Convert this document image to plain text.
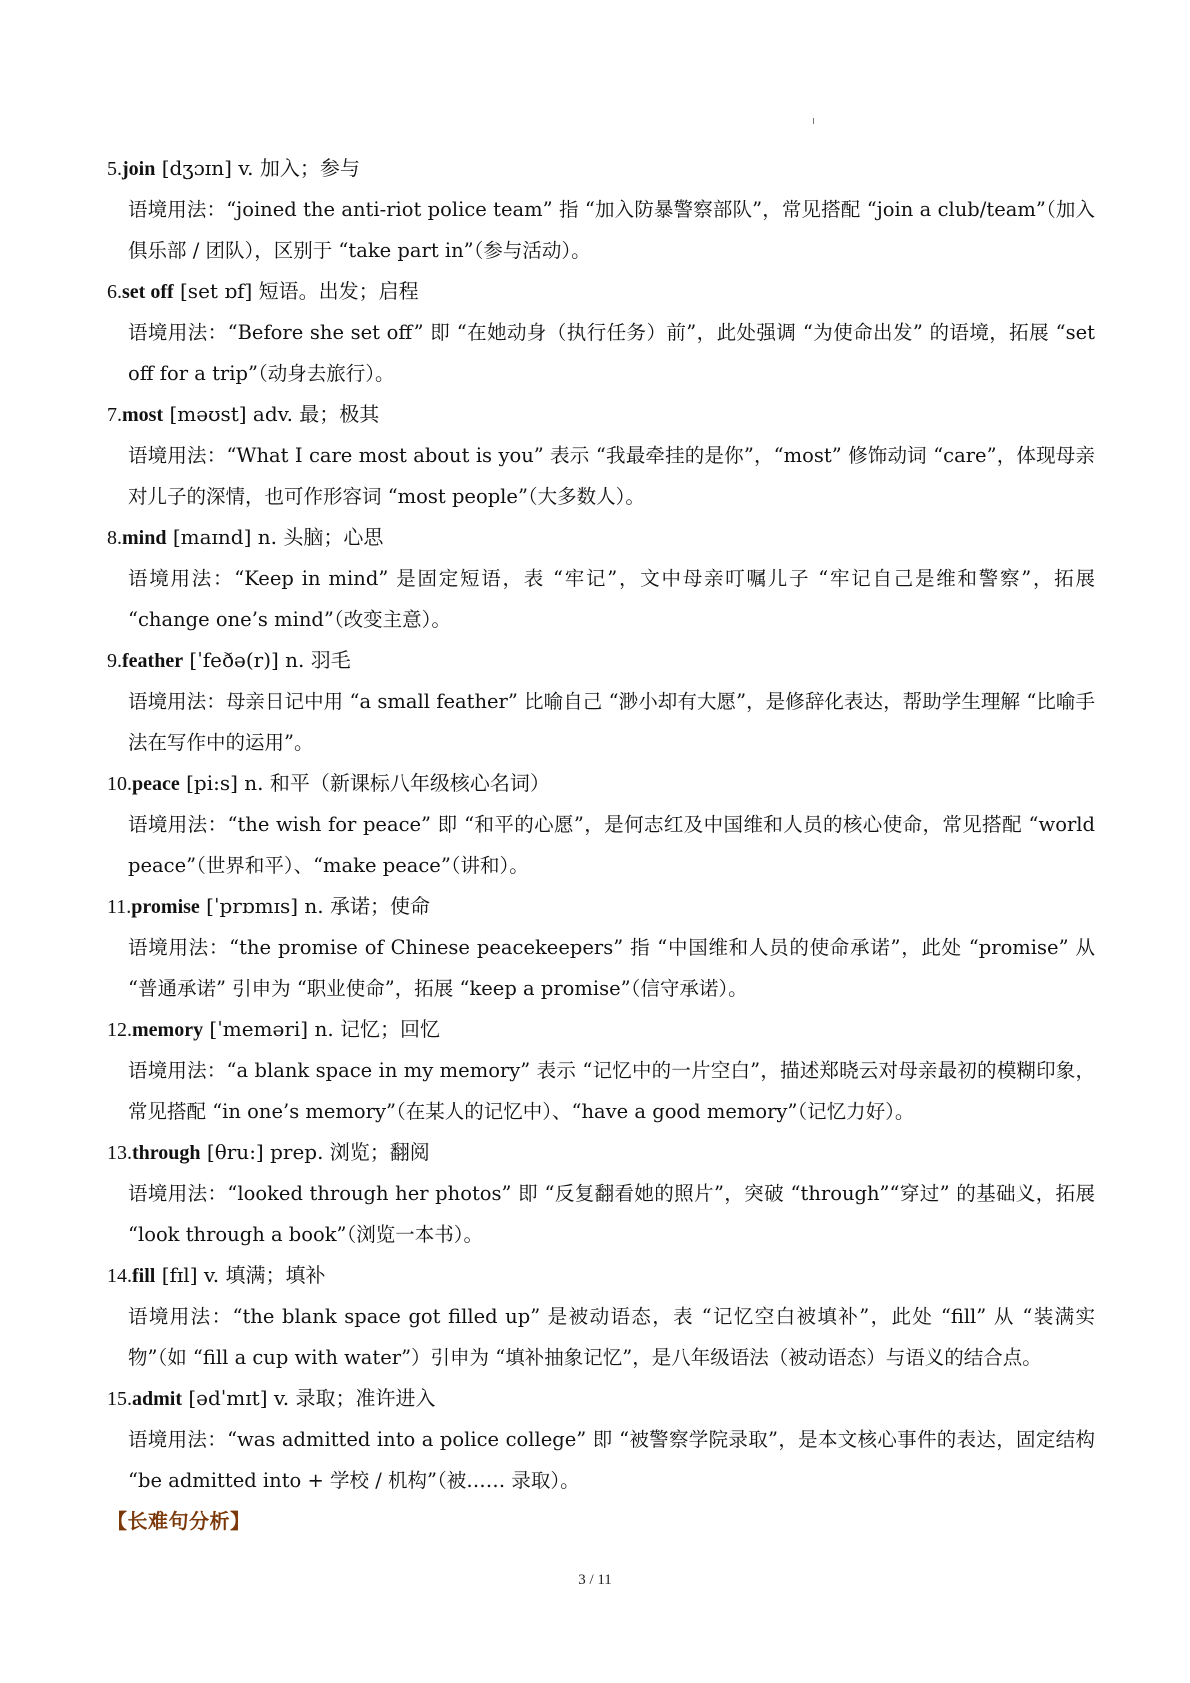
5.join [dʒɔɪn] v. 加入；参与
语境用法：“joined the anti-riot police team” 指 “加入防暴警察部队”，常见搭配 “join a club/team”（加入俱乐部 / 团队），区别于 “take part in”（参与活动）。
6.set off [set ɒf] 短语。出发；启程
语境用法：“Before she set off” 即 “在她动身（执行任务）前”，此处强调 “为使命出发” 的语境，拓展 “set off for a trip”（动身去旅行）。
7.most [məʊst] adv. 最；极其
语境用法：“What I care most about is you” 表示 “我最牵挂的是你”，“most” 修饰动词 “care”，体现母亲对儿子的深情，也可作形容词 “most people”（大多数人）。
8.mind [maɪnd] n. 头脑；心思
语境用法：“Keep in mind” 是固定短语，表 “牢记”，文中母亲叮嘱儿子 “牢记自己是维和警察”，拓展 “change one’s mind”（改变主意）。
9.feather [ˈfeðə(r)] n. 羽毛
语境用法：母亲日记中用 “a small feather” 比喻自己 “渺小却有大愿”，是修辞化表达，帮助学生理解 “比喻手法在写作中的运用”。
10.peace [pi:s] n. 和平（新课标八年级核心名词）
语境用法：“the wish for peace” 即 “和平的心愿”，是何志红及中国维和人员的核心使命，常见搭配 “world peace”（世界和平）、“make peace”（讲和）。
11.promise [ˈprɒmɪs] n. 承诺；使命
语境用法：“the promise of Chinese peacekeepers” 指 “中国维和人员的使命承诺”，此处 “promise” 从 “普通承诺” 引申为 “职业使命”，拓展 “keep a promise”（信守承诺）。
12.memory [ˈmeməri] n. 记忆；回忆
语境用法：“a blank space in my memory” 表示 “记忆中的一片空白”，描述郑晓云对母亲最初的模糊印象，常见搭配 “in one’s memory”（在某人的记忆中）、“have a good memory”（记忆力好）。
13.through [θru:] prep. 浏览；翻阅
语境用法：“looked through her photos” 即 “反复翻看她的照片”，突破 “through”“穿过” 的基础义，拓展 “look through a book”（浏览一本书）。
14.fill [fɪl] v. 填满；填补
语境用法：“the blank space got filled up” 是被动语态，表 “记忆空白被填补”，此处 “fill” 从 “装满实物”（如 “fill a cup with water”）引申为 “填补抽象记忆”，是八年级语法（被动语态）与语义的结合点。
15.admit [ədˈmɪt] v. 录取；准许进入
语境用法：“was admitted into a police college” 即 “被警察学院录取”，是本文核心事件的表达，固定结构 “be admitted into + 学校 / 机构”（被…… 录取）。
【长难句分析】
3 / 11
